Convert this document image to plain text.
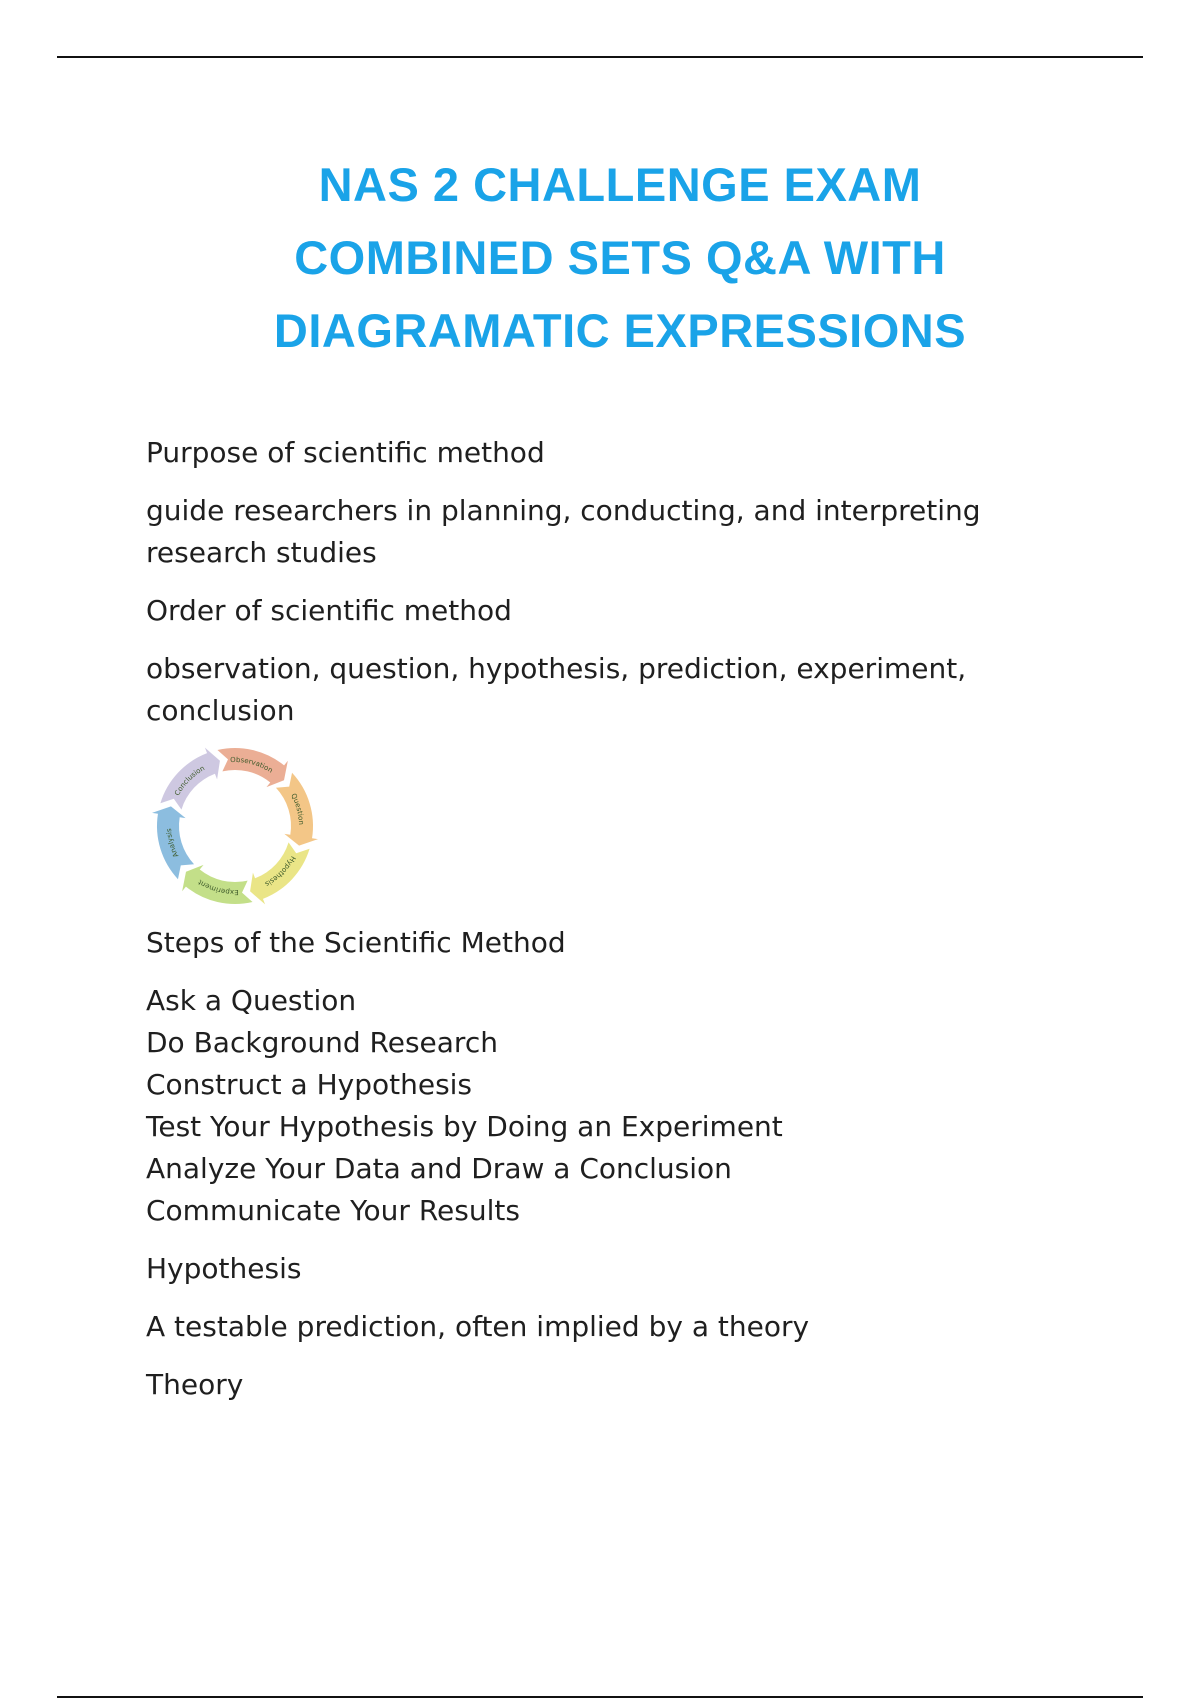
NAS 2 CHALLENGE EXAM
COMBINED SETS Q&A WITH
DIAGRAMATIC EXPRESSIONS

Purpose of scientific method

guide researchers in planning, conducting, and interpreting research studies

Order of scientific method

observation, question, hypothesis, prediction, experiment, conclusion

Observation
Question
Hypothesis
Experiment
Analysis
Conclusion

Steps of the Scientific Method

Ask a Question
Do Background Research
Construct a Hypothesis
Test Your Hypothesis by Doing an Experiment
Analyze Your Data and Draw a Conclusion
Communicate Your Results

Hypothesis

A testable prediction, often implied by a theory

Theory
